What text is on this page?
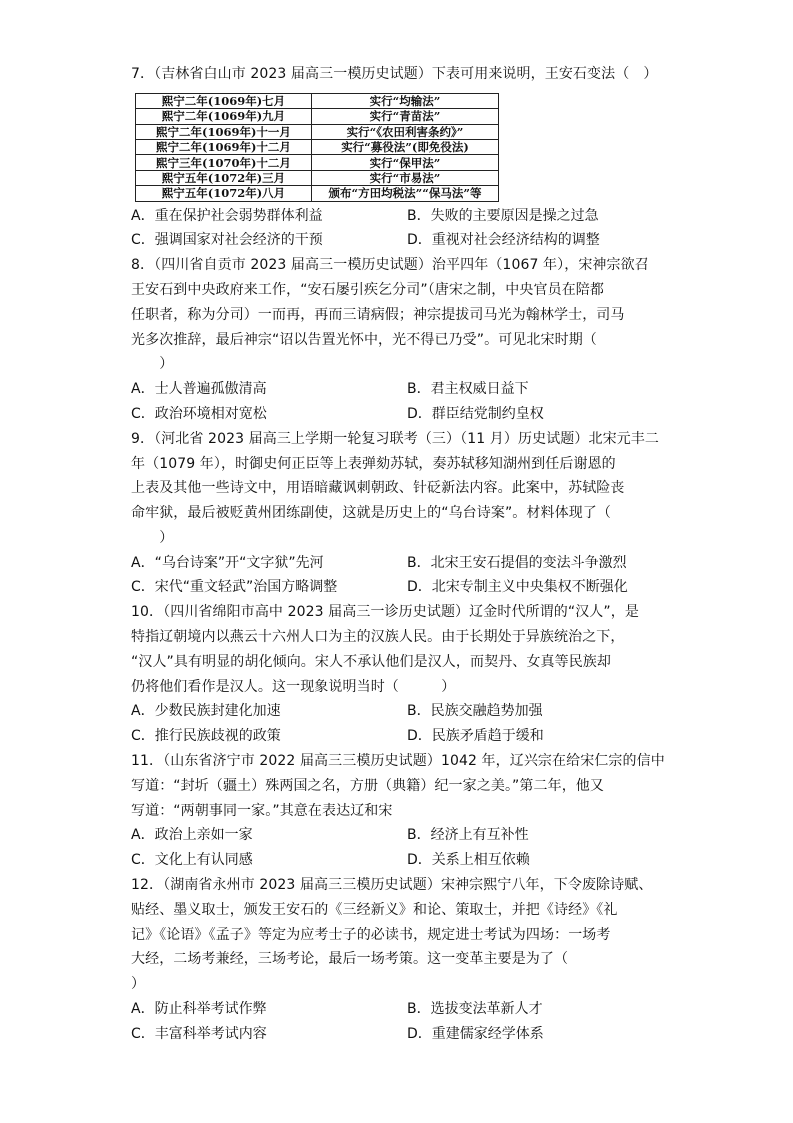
7．（吉林省白山市 2023 届高三一模历史试题）下表可用来说明，王安石变法（　）
熙宁二年(1069年)七月	实行“均输法”
熙宁二年(1069年)九月	实行“青苗法”
熙宁二年(1069年)十一月	实行“《农田利害条约》”
熙宁二年(1069年)十二月	实行“募役法”(即免役法)
熙宁三年(1070年)十二月	实行“保甲法”
熙宁五年(1072年)三月	实行“市易法”
熙宁五年(1072年)八月	颁布“方田均税法”“保马法”等
A．重在保护社会弱势群体利益	B．失败的主要原因是操之过急
C．强调国家对社会经济的干预	D．重视对社会经济结构的调整
8．（四川省自贡市 2023 届高三一模历史试题）治平四年（1067 年），宋神宗欲召
王安石到中央政府来工作，“安石屡引疾乞分司”（唐宋之制，中央官员在陪都
任职者，称为分司）一而再，再而三请病假；神宗提拔司马光为翰林学士，司马
光多次推辞，最后神宗“诏以告置光怀中，光不得已乃受”。可见北宋时期（
　　）
A．士人普遍孤傲清高	B．君主权威日益下
C．政治环境相对宽松	D．群臣结党制约皇权
9．（河北省 2023 届高三上学期一轮复习联考（三）（11 月）历史试题）北宋元丰二
年（1079 年），时御史何正臣等上表弹劾苏轼，奏苏轼移知湖州到任后谢恩的
上表及其他一些诗文中，用语暗藏讽刺朝政、针砭新法内容。此案中，苏轼险丧
命牢狱，最后被贬黄州团练副使，这就是历史上的“乌台诗案”。材料体现了（
　　）
A．“乌台诗案”开“文字狱”先河	B．北宋王安石提倡的变法斗争激烈
C．宋代“重文轻武”治国方略调整	D．北宋专制主义中央集权不断强化
10．（四川省绵阳市高中 2023 届高三一诊历史试题）辽金时代所谓的“汉人”，是
特指辽朝境内以燕云十六州人口为主的汉族人民。由于长期处于异族统治之下，
“汉人”具有明显的胡化倾向。宋人不承认他们是汉人，而契丹、女真等民族却
仍将他们看作是汉人。这一现象说明当时（　　　）
A．少数民族封建化加速	B．民族交融趋势加强
C．推行民族歧视的政策	D．民族矛盾趋于缓和
11．（山东省济宁市 2022 届高三三模历史试题）1042 年，辽兴宗在给宋仁宗的信中
写道：“封圻（疆土）殊两国之名，方册（典籍）纪一家之美。”第二年，他又
写道：“两朝事同一家。”其意在表达辽和宋
A．政治上亲如一家	B．经济上有互补性
C．文化上有认同感	D．关系上相互依赖
12．（湖南省永州市 2023 届高三三模历史试题）宋神宗熙宁八年，下令废除诗赋、
贴经、墨义取士，颁发王安石的《三经新义》和论、策取士，并把《诗经》《礼
记》《论语》《孟子》等定为应考士子的必读书，规定进士考试为四场：一场考
大经，二场考兼经，三场考论，最后一场考策。这一变革主要是为了（
）
A．防止科举考试作弊	B．选拔变法革新人才
C．丰富科举考试内容	D．重建儒家经学体系
